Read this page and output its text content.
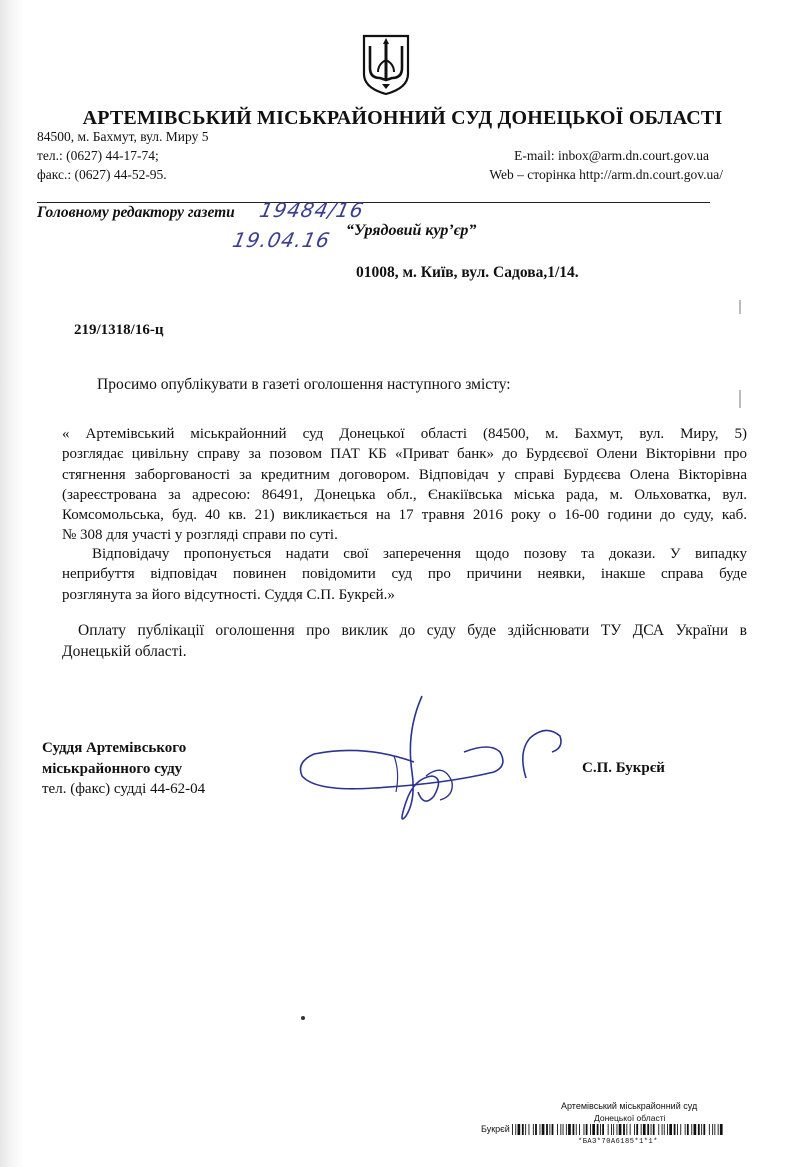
АРТЕМІВСЬКИЙ МІСЬКРАЙОННИЙ СУД ДОНЕЦЬКОЇ ОБЛАСТІ
84500, м. Бахмут, вул. Миру 5
тел.: (0627) 44-17-74;
факс.: (0627) 44-52-95.
E-mail: inbox@arm.dn.court.gov.ua
Web – сторінка http://arm.dn.court.gov.ua/
Головному редактору газети 19484/16
19.04.16 “Урядовий кур’єр”
01008, м. Київ, вул. Садова,1/14.
219/1318/16-ц
Просимо опублікувати в газеті оголошення наступного змісту:
« Артемівський міськрайонний суд Донецької області (84500, м. Бахмут, вул. Миру, 5)
розглядає цивільну справу за позовом ПАТ КБ «Приват банк» до Бурдєєвої Олени Вікторівни про
стягнення заборгованості за кредитним договором. Відповідач у справі Бурдєєва Олена Вікторівна
(зареєстрована за адресою: 86491, Донецька обл., Єнакіївська міська рада, м. Ольховатка, вул.
Комсомольська, буд. 40 кв. 21) викликається на 17 травня 2016 року о 16-00 години до суду, каб.
№ 308 для участі у розгляді справи по суті.
Відповідачу пропонується надати свої заперечення щодо позову та докази. У випадку
неприбуття відповідач повинен повідомити суд про причини неявки, інакше справа буде
розглянута за його відсутності. Суддя С.П. Букрєй.»
Оплату публікації оголошення про виклик до суду буде здійснювати ТУ ДСА України в
Донецькій області.
Суддя Артемівського
міськрайонного суду
тел. (факс) судді 44-62-04
С.П. Букрєй
Артемівський міськрайонний суд
Донецької області
Букрєй
*БАЗ*70А6185*1*1*
